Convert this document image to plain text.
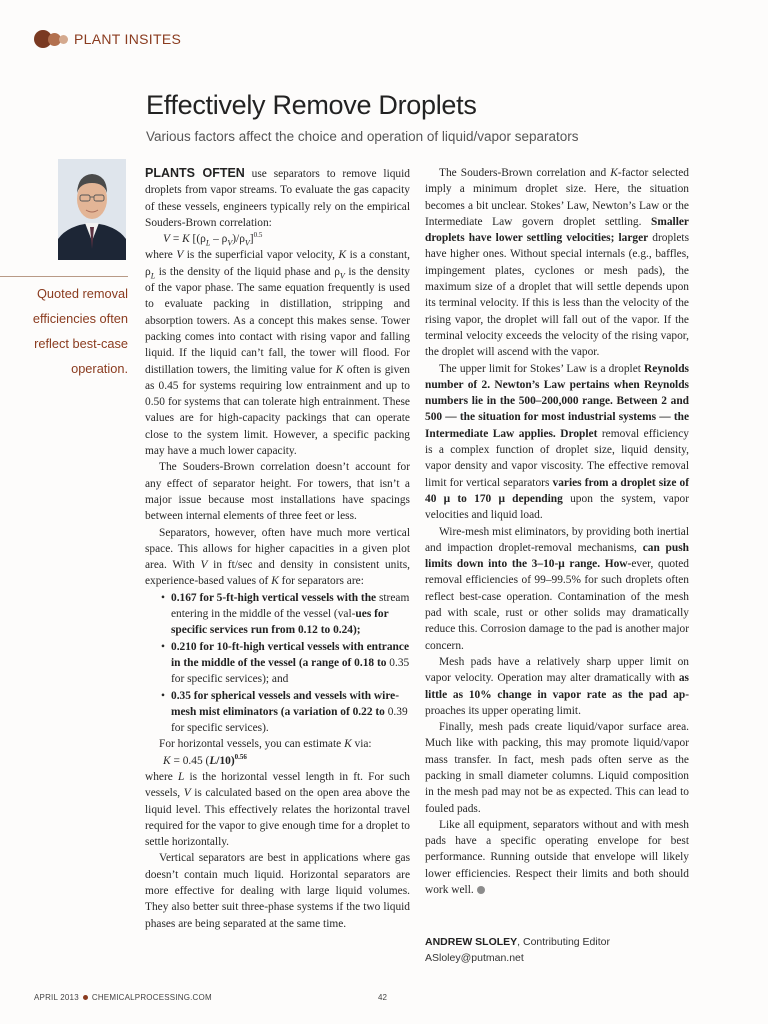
PLANT INSITES
Effectively Remove Droplets
Various factors affect the choice and operation of liquid/vapor separators
Quoted removal efficiencies often reflect best-case operation.

PLANTS OFTEN use separators to remove liquid droplets from vapor streams. To evaluate the gas capacity of these vessels, engineers typically rely on the empirical Souders-Brown correlation:

V = K $[(\rho_L - \rho_V)/\rho_V]^{0.5}$

where V is the superficial vapor velocity, K is a constant, $\rho_L$ is the density of the liquid phase and $\rho_V$ is the density of the vapor phase. The same equation frequently is used to evaluate packing in distillation, stripping and absorption towers. As a concept this makes sense. Tower packing comes into contact with rising vapor and falling liquid. If the liquid can’t fall, the tower will flood. For distillation towers, the limiting value for K often is given as 0.45 for systems requiring low entrainment and up to 0.50 for systems that can tolerate high entrainment. These values are for high-capacity packings that can operate close to the system limit. However, a specific packing may have a much lower capacity.

The Souders-Brown correlation doesn’t account for any effect of separator height. For towers, that isn’t a major issue because most installations have spacings between internal elements of three feet or less.

Separators, however, often have much more vertical space. This allows for higher capacities in a given plot area. With V in ft/sec and density in consistent units, experience-based values of K for separators are:

• 0.167 for 5-ft-high vertical vessels with the stream entering in the middle of the vessel (val-ues for specific services run from 0.12 to 0.24);
• 0.210 for 10-ft-high vertical vessels with entrance in the middle of the vessel (a range of 0.18 to 0.35 for specific services); and
• 0.35 for spherical vessels and vessels with wire-mesh mist eliminators (a variation of 0.22 to 0.39 for specific services).

For horizontal vessels, you can estimate K via:

K = 0.45 $(L/10)^{0.56}$

where L is the horizontal vessel length in ft. For such vessels, V is calculated based on the open area above the liquid level. This effectively relates the horizontal travel required for the vapor to give enough time for a droplet to settle horizontally.

Vertical separators are best in applications where gas doesn’t contain much liquid. Horizontal separators are more effective for dealing with large liquid volumes. They also better suit three-phase systems if the two liquid phases are being separated at the same time.

The Souders-Brown correlation and K-factor selected imply a minimum droplet size. Here, the situation becomes a bit unclear. Stokes’ Law, Newton’s Law or the Intermediate Law govern droplet settling. Smaller droplets have lower settling velocities; larger droplets have higher ones. Without special internals (e.g., baffles, impingement plates, cyclones or mesh pads), the maximum size of a droplet that will settle depends upon its terminal velocity. If this is less than the velocity of the rising vapor, the droplet will fall out of the vapor. If the terminal velocity exceeds the velocity of the rising vapor, the droplet will ascend with the vapor.

The upper limit for Stokes’ Law is a droplet Reynolds number of 2. Newton’s Law pertains when Reynolds numbers lie in the 500–200,000 range. Between 2 and 500 — the situation for most industrial systems — the Intermediate Law applies. Droplet removal efficiency is a complex function of droplet size, liquid density, vapor density and vapor viscosity. The effective removal limit for vertical separators varies from a droplet size of 40 μ to 170 μ depending upon the system, vapor velocities and liquid load.

Wire-mesh mist eliminators, by providing both inertial and impaction droplet-removal mechanisms, can push limits down into the 3–10-μ range. How-ever, quoted removal efficiencies of 99–99.5% for such droplets often reflect best-case operation. Contamination of the mesh pad with scale, rust or other solids may dramatically reduce this. Corrosion damage to the pad is another major concern.

Mesh pads have a relatively sharp upper limit on vapor velocity. Operation may alter dramatically with as little as 10% change in vapor rate as the pad ap-proaches its upper operating limit.

Finally, mesh pads create liquid/vapor surface area. Much like with packing, this may promote liquid/vapor mass transfer. In fact, mesh pads often serve as the packing in small diameter columns. Liquid composition in the mesh pad may not be as expected. This can lead to fouled pads.

Like all equipment, separators without and with mesh pads have a specific operating envelope for best performance. Running outside that envelope will likely lower efficiencies. Respect their limits and both should work well.

ANDREW SLOLEY, Contributing Editor
ASloley@putman.net
APRIL 2013 CHEMICALPROCESSING.COM	42
